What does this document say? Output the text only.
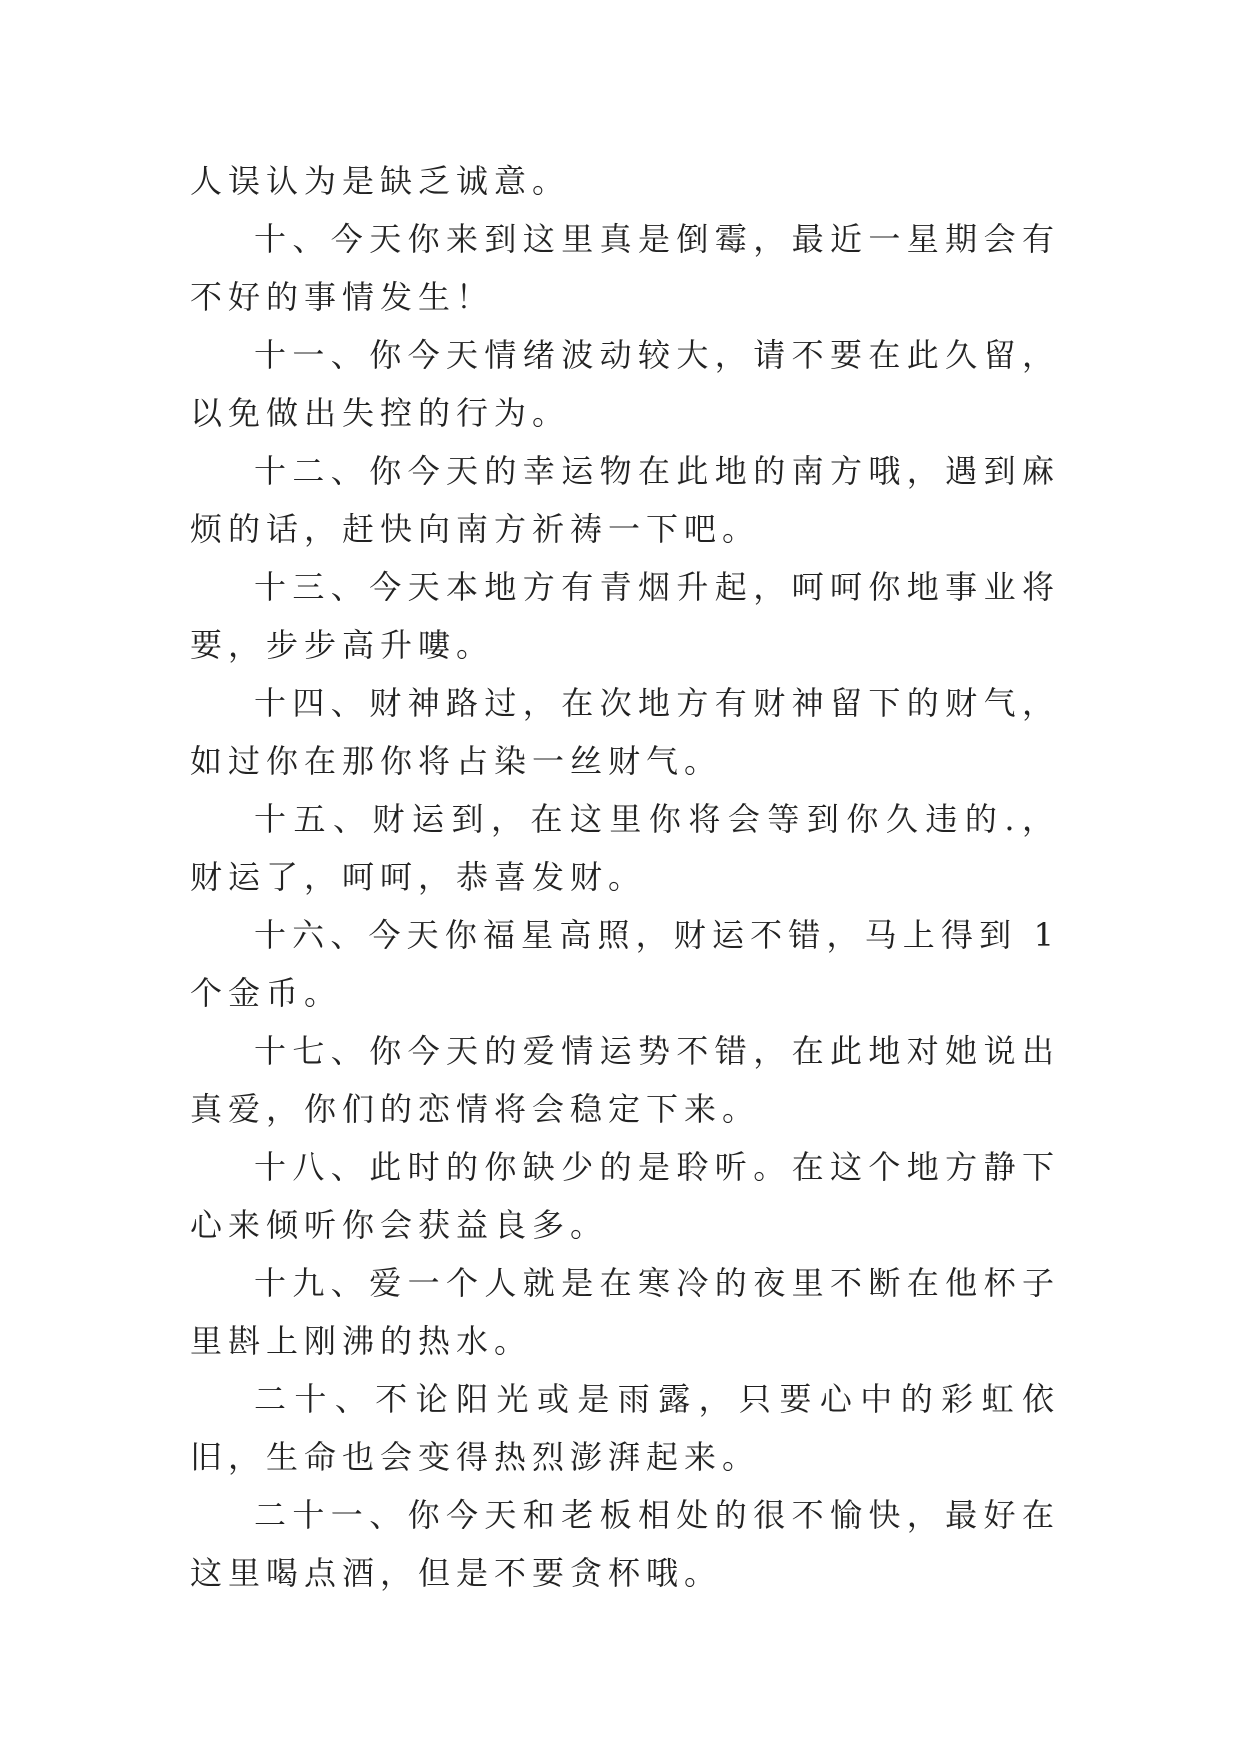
人误认为是缺乏诚意。

十、今天你来到这里真是倒霉，最近一星期会有不好的事情发生！

十一、你今天情绪波动较大，请不要在此久留，以免做出失控的行为。

十二、你今天的幸运物在此地的南方哦，遇到麻烦的话，赶快向南方祈祷一下吧。

十三、今天本地方有青烟升起，呵呵你地事业将要，步步高升嘍。

十四、财神路过，在次地方有财神留下的财气，如过你在那你将占染一丝财气。

十五、财运到，在这里你将会等到你久违的.，财运了，呵呵，恭喜发财。

十六、今天你福星高照，财运不错，马上得到 1 个金币。

十七、你今天的爱情运势不错，在此地对她说出真爱，你们的恋情将会稳定下来。

十八、此时的你缺少的是聆听。在这个地方静下心来倾听你会获益良多。

十九、爱一个人就是在寒冷的夜里不断在他杯子里斟上刚沸的热水。

二十、不论阳光或是雨露，只要心中的彩虹依旧，生命也会变得热烈澎湃起来。

二十一、你今天和老板相处的很不愉快，最好在这里喝点酒，但是不要贪杯哦。
